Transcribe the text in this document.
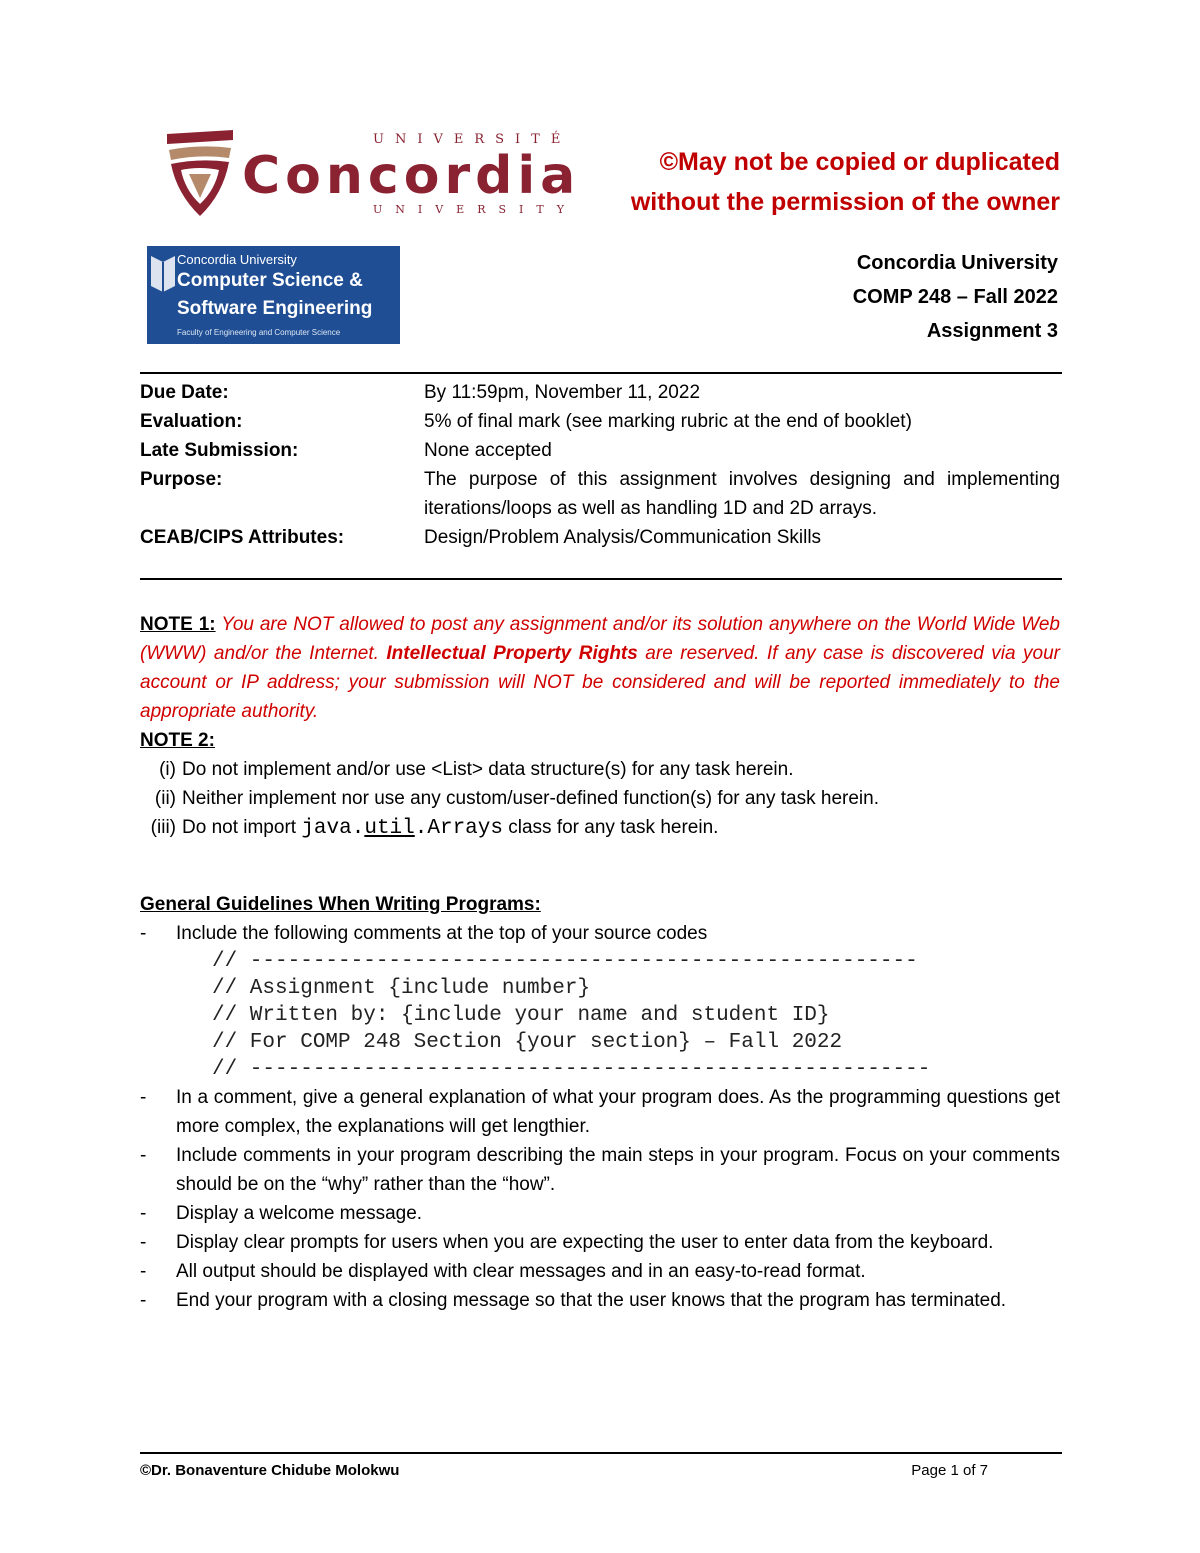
UNIVERSITÉ
Concordia
UNIVERSITY
©May not be copied or duplicated
without the permission of the owner
Concordia University
Computer Science &
Software Engineering
Faculty of Engineering and Computer Science
Concordia University
COMP 248 – Fall 2022
Assignment 3
Due Date:	By 11:59pm, November 11, 2022
Evaluation:	5% of final mark (see marking rubric at the end of booklet)
Late Submission:	None accepted
Purpose:	The purpose of this assignment involves designing and implementing iterations/loops as well as handling 1D and 2D arrays.
CEAB/CIPS Attributes:	Design/Problem Analysis/Communication Skills
NOTE 1: You are NOT allowed to post any assignment and/or its solution anywhere on the World Wide Web (WWW) and/or the Internet. Intellectual Property Rights are reserved. If any case is discovered via your account or IP address; your submission will NOT be considered and will be reported immediately to the appropriate authority.
NOTE 2:
(i) Do not implement and/or use <List> data structure(s) for any task herein.
(ii) Neither implement nor use any custom/user-defined function(s) for any task herein.
(iii) Do not import java.util.Arrays class for any task herein.
General Guidelines When Writing Programs:
-	Include the following comments at the top of your source codes
// -----------------------------------------------------
// Assignment {include number}
// Written by: {include your name and student ID}
// For COMP 248 Section {your section} – Fall 2022
// ------------------------------------------------------
-	In a comment, give a general explanation of what your program does. As the programming questions get more complex, the explanations will get lengthier.
-	Include comments in your program describing the main steps in your program. Focus on your comments should be on the “why” rather than the “how”.
-	Display a welcome message.
-	Display clear prompts for users when you are expecting the user to enter data from the keyboard.
-	All output should be displayed with clear messages and in an easy-to-read format.
-	End your program with a closing message so that the user knows that the program has terminated.
©Dr. Bonaventure Chidube Molokwu	Page 1 of 7
